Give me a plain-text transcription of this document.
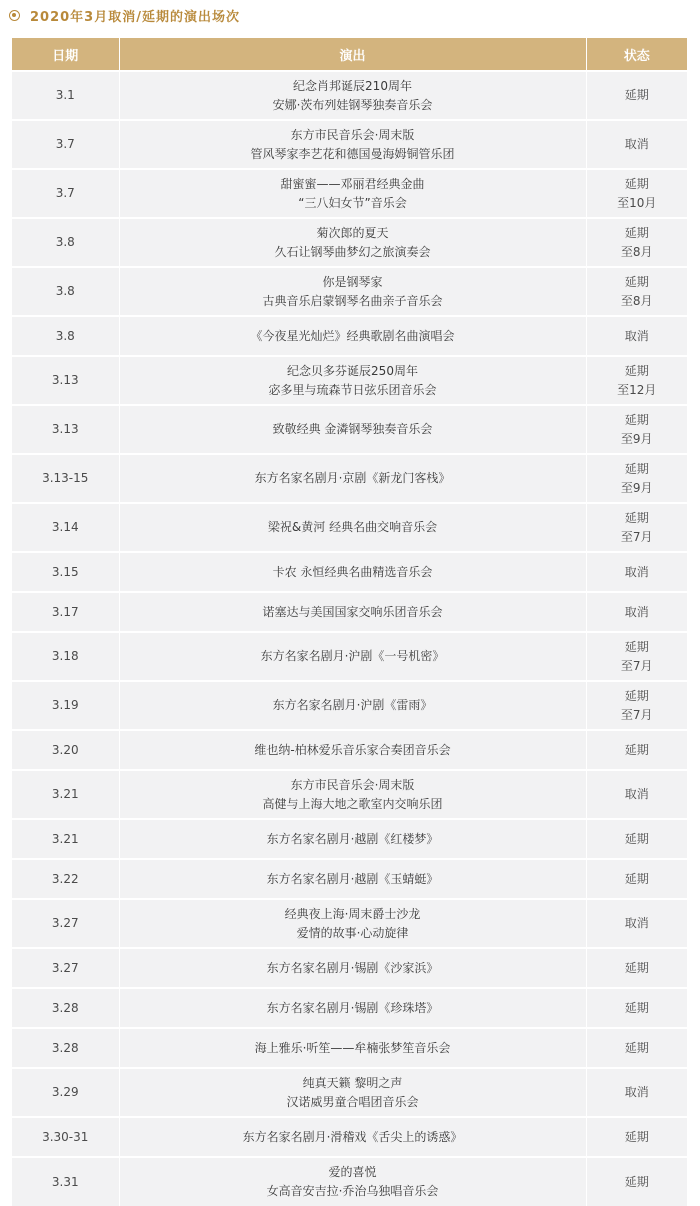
2020年3月取消/延期的演出场次
日期	演出	状态
3.1	纪念肖邦诞辰210周年
安娜·茨布列娃钢琴独奏音乐会	延期

3.7	东方市民音乐会·周末版
管风琴家李艺花和德国曼海姆铜管乐团	取消

3.7	甜蜜蜜——邓丽君经典金曲
“三八妇女节”音乐会	延期
至10月

3.8	菊次郎的夏天
久石让钢琴曲梦幻之旅演奏会	延期
至8月

3.8	你是钢琴家
古典音乐启蒙钢琴名曲亲子音乐会	延期
至8月

3.8	《今夜星光灿烂》经典歌剧名曲演唱会	取消

3.13	纪念贝多芬诞辰250周年
宓多里与琉森节日弦乐团音乐会	延期
至12月

3.13	致敬经典 金潾钢琴独奏音乐会	延期
至9月

3.13-15	东方名家名剧月·京剧《新龙门客栈》	延期
至9月

3.14	梁祝&黄河 经典名曲交响音乐会	延期
至7月

3.15	卡农 永恒经典名曲精选音乐会	取消

3.17	诺塞达与美国国家交响乐团音乐会	取消

3.18	东方名家名剧月·沪剧《一号机密》	延期
至7月

3.19	东方名家名剧月·沪剧《雷雨》	延期
至7月

3.20	维也纳-柏林爱乐音乐家合奏团音乐会	延期

3.21	东方市民音乐会·周末版
高健与上海大地之歌室内交响乐团	取消

3.21	东方名家名剧月·越剧《红楼梦》	延期

3.22	东方名家名剧月·越剧《玉蜻蜓》	延期

3.27	经典夜上海·周末爵士沙龙
爱情的故事·心动旋律	取消

3.27	东方名家名剧月·锡剧《沙家浜》	延期

3.28	东方名家名剧月·锡剧《珍珠塔》	延期

3.28	海上雅乐·听笙——牟楠张梦笙音乐会	延期

3.29	纯真天籁 黎明之声
汉诺威男童合唱团音乐会	取消

3.30-31	东方名家名剧月·滑稽戏《舌尖上的诱惑》	延期

3.31	爱的喜悦
女高音安吉拉·乔治乌独唱音乐会	延期
